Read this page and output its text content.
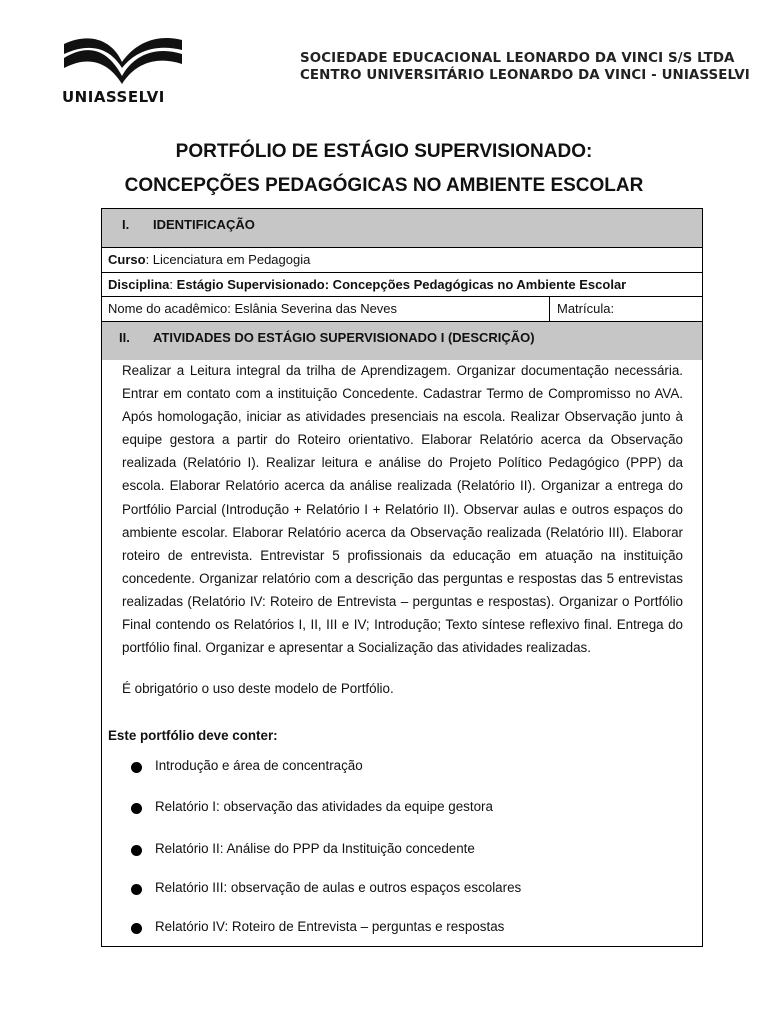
UNIASSELVI
SOCIEDADE EDUCACIONAL LEONARDO DA VINCI S/S LTDA
CENTRO UNIVERSITÁRIO LEONARDO DA VINCI - UNIASSELVI
PORTFÓLIO DE ESTÁGIO SUPERVISIONADO:
CONCEPÇÕES PEDAGÓGICAS NO AMBIENTE ESCOLAR
I. IDENTIFICAÇÃO
Curso: Licenciatura em Pedagogia
Disciplina: Estágio Supervisionado: Concepções Pedagógicas no Ambiente Escolar
Nome do acadêmico: Eslânia Severina das Neves	Matrícula:
II. ATIVIDADES DO ESTÁGIO SUPERVISIONADO I (DESCRIÇÃO)
Realizar a Leitura integral da trilha de Aprendizagem. Organizar documentação necessária. Entrar em contato com a instituição Concedente. Cadastrar Termo de Compromisso no AVA. Após homologação, iniciar as atividades presenciais na escola. Realizar Observação junto à equipe gestora a partir do Roteiro orientativo. Elaborar Relatório acerca da Observação realizada (Relatório I). Realizar leitura e análise do Projeto Político Pedagógico (PPP) da escola. Elaborar Relatório acerca da análise realizada (Relatório II). Organizar a entrega do Portfólio Parcial (Introdução + Relatório I + Relatório II). Observar aulas e outros espaços do ambiente escolar. Elaborar Relatório acerca da Observação realizada (Relatório III). Elaborar roteiro de entrevista. Entrevistar 5 profissionais da educação em atuação na instituição concedente. Organizar relatório com a descrição das perguntas e respostas das 5 entrevistas realizadas (Relatório IV: Roteiro de Entrevista – perguntas e respostas). Organizar o Portfólio Final contendo os Relatórios I, II, III e IV; Introdução; Texto síntese reflexivo final. Entrega do portfólio final. Organizar e apresentar a Socialização das atividades realizadas.
É obrigatório o uso deste modelo de Portfólio.
Este portfólio deve conter:
Introdução e área de concentração
Relatório I: observação das atividades da equipe gestora
Relatório II: Análise do PPP da Instituição concedente
Relatório III: observação de aulas e outros espaços escolares
Relatório IV: Roteiro de Entrevista – perguntas e respostas
